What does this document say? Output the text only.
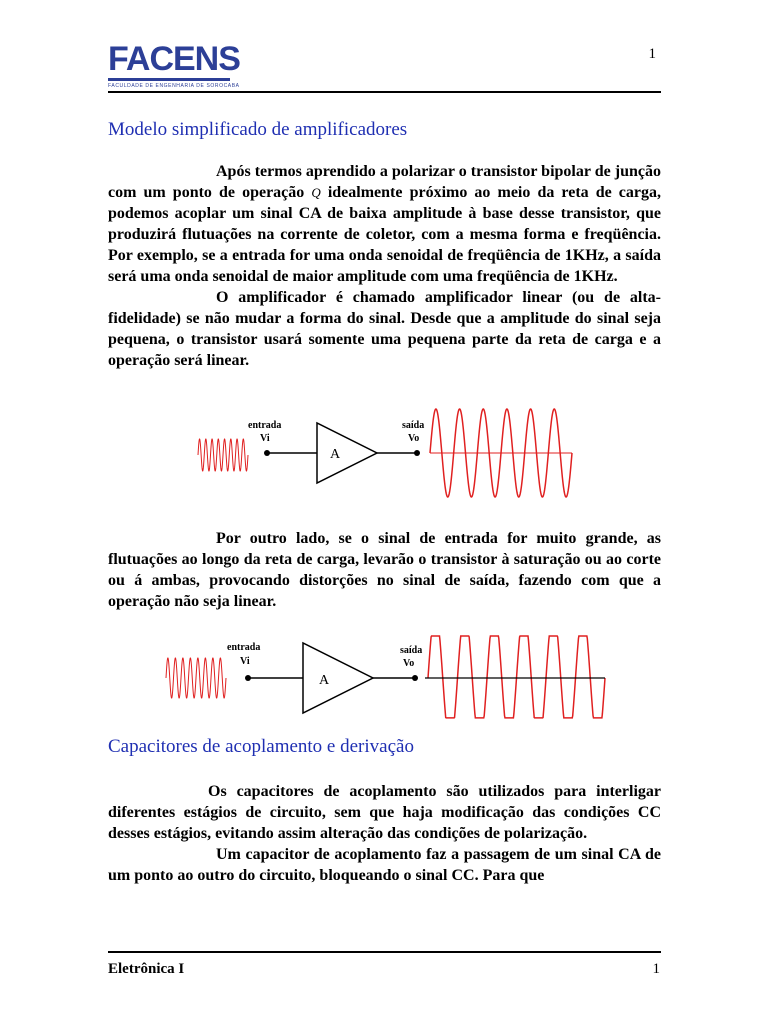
FACENS
FACULDADE DE ENGENHARIA DE SOROCABA
1
Modelo simplificado de amplificadores

Após termos aprendido a polarizar o transistor bipolar de junção com um ponto de operação Q idealmente próximo ao meio da reta de carga, podemos acoplar um sinal CA de baixa amplitude à base desse transistor, que produzirá flutuações na corrente de coletor, com a mesma forma e freqüência. Por exemplo, se a entrada for uma onda senoidal de freqüência de 1KHz, a saída será uma onda senoidal de maior amplitude com uma freqüência de 1KHz.

O amplificador é chamado amplificador linear (ou de alta-fidelidade) se não mudar a forma do sinal. Desde que a amplitude do sinal seja pequena, o transistor usará somente uma pequena parte da reta de carga e a operação será linear.

entrada
Vi
A
saída
Vo

Por outro lado, se o sinal de entrada for muito grande, as flutuações ao longo da reta de carga, levarão o transistor à saturação ou ao corte ou á ambas, provocando distorções no sinal de saída, fazendo com que a operação não seja linear.

entrada
Vi
A
saída
Vo
Capacitores de acoplamento e derivação

Os capacitores de acoplamento são utilizados para interligar diferentes estágios de circuito, sem que haja modificação das condições CC desses estágios, evitando assim alteração das condições de polarização.

Um capacitor de acoplamento faz a passagem de um sinal CA de um ponto ao outro do circuito, bloqueando o sinal CC. Para que

Eletrônica I	1
